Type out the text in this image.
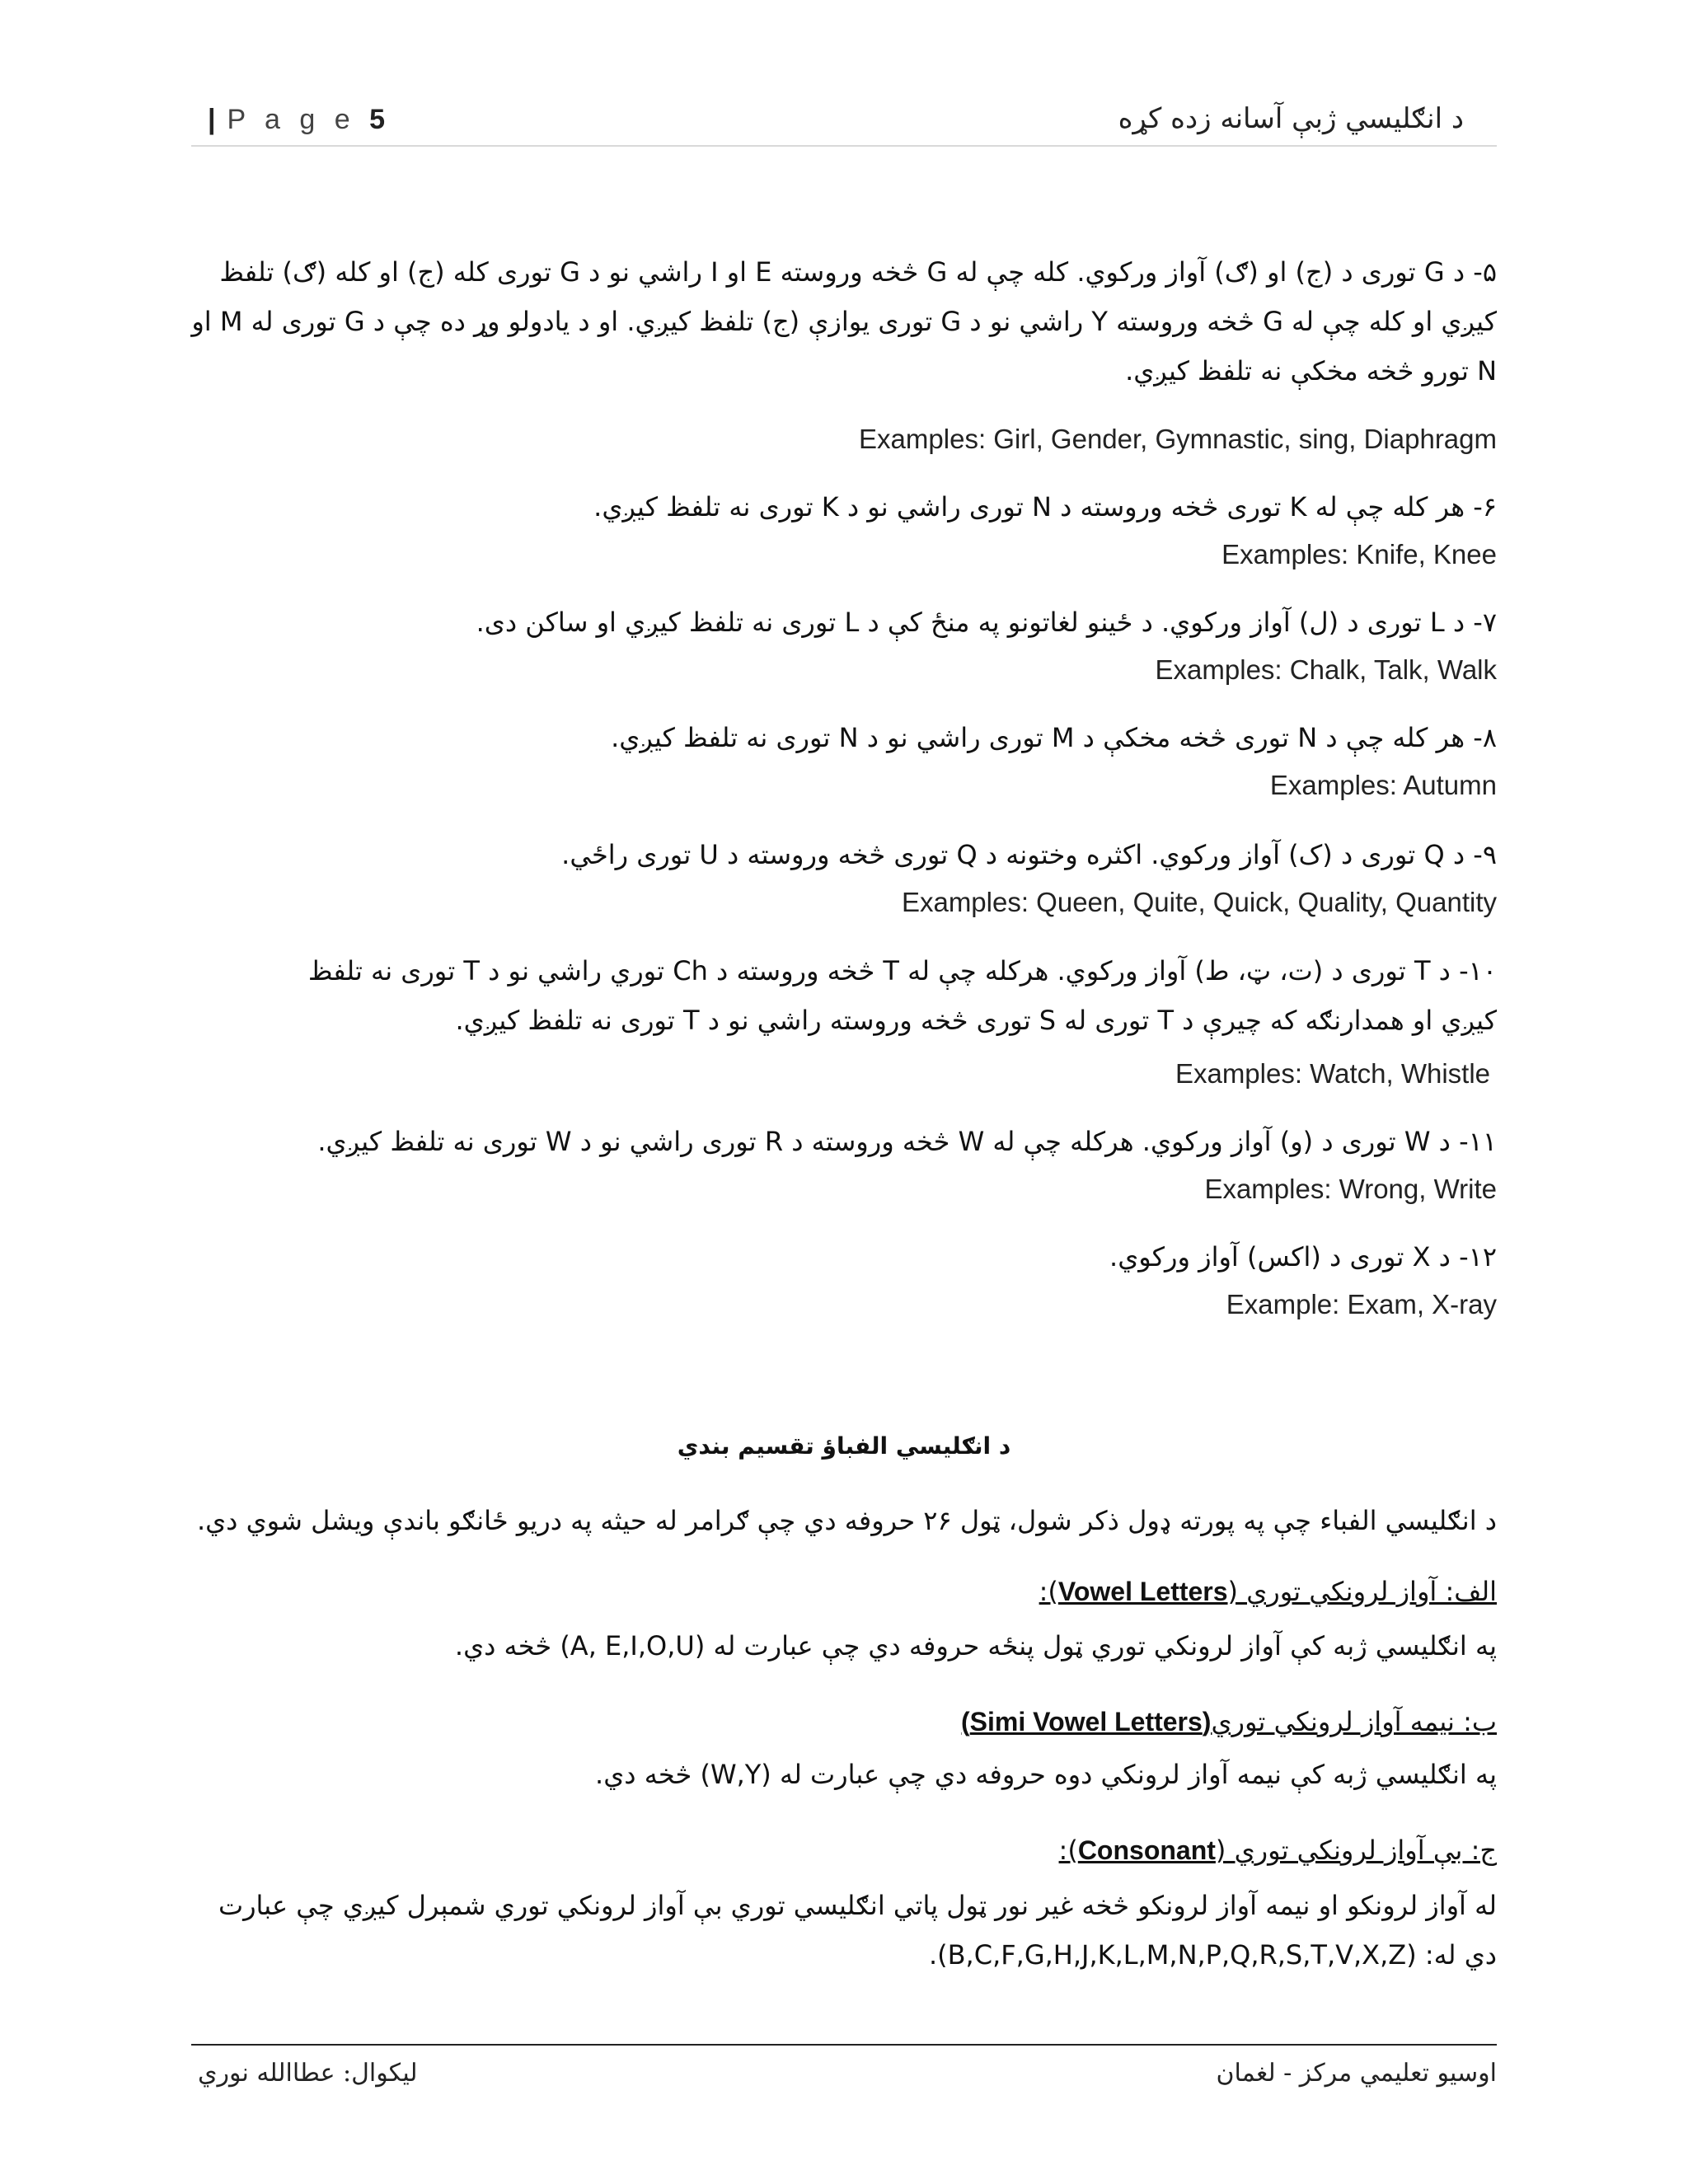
| P a g e 5	د انګليسي ژبې آسانه زده کړه
۵- د G توری د (ج) او (ګ) آواز ورکوي. کله چې له G څخه وروسته E او I راشي نو د G توری کله (ج) او کله (ګ) تلفظ کيږي او کله چې له G څخه وروسته Y راشي نو د G توری يوازې (ج) تلفظ کيږي. او د يادولو وړ ده چې د G توری له M او N تورو څخه مخکې نه تلفظ کيږي.
Examples: Girl, Gender, Gymnastic, sing, Diaphragm
۶- هر کله چې له K توری څخه وروسته د N توری راشي نو د K توری نه تلفظ کيږي.
Examples: Knife, Knee
۷- د L توری د (ل) آواز ورکوي. د ځينو لغاتونو په منځ کې د L توری نه تلفظ کيږي او ساکن دی.
Examples: Chalk, Talk, Walk
۸- هر کله چې د N توری څخه مخکې د M توری راشي نو د N توری نه تلفظ کيږي.
Examples: Autumn
۹- د Q توری د (ک) آواز ورکوي. اکثره وختونه د Q توری څخه وروسته د U توری راځي.
Examples: Queen, Quite, Quick, Quality, Quantity
۱۰- د T توری د (ت، ټ، ط) آواز ورکوي. هرکله چې له T څخه وروسته د Ch توري راشي نو د T توری نه تلفظ کيږي او همدارنګه که چيرې د T توری له S توری څخه وروسته راشي نو د T توری نه تلفظ کيږي.
Examples: Watch, Whistle
۱۱- د W توری د (و) آواز ورکوي. هرکله چې له W څخه وروسته د R توری راشي نو د W توری نه تلفظ کيږي.
Examples: Wrong, Write
۱۲- د X توری د (اکس) آواز ورکوي.
Example: Exam, X-ray
د انګليسي الفباؤ تقسيم بندي
د انګليسي الفباء چې په پورته ډول ذکر شول، ټول ۲۶ حروفه دي چې ګرامر له حيثه په دريو ځانګو باندې ويشل شوي دي.
الف: آواز لرونکي توري (Vowel Letters):
په انګليسي ژبه کې آواز لرونکي توري ټول پنځه حروفه دي چې عبارت له (A, E,I,O,U) څخه دي.
ب: نيمه آواز لرونکي توري(Simi Vowel Letters)
په انګليسي ژبه کې نيمه آواز لرونکي دوه حروفه دي چې عبارت له (W,Y) څخه دي.
ج: بې آواز لرونکي توري (Consonant):
له آواز لرونکو او نيمه آواز لرونکو څخه غير نور ټول پاتي انګليسي توري بې آواز لرونکي توري شمېرل کيږي چې عبارت دي له: (B,C,F,G,H,J,K,L,M,N,P,Q,R,S,T,V,X,Z).
اوسيو تعليمي مرکز - لغمان
ليکوال: عطاالله نوري
